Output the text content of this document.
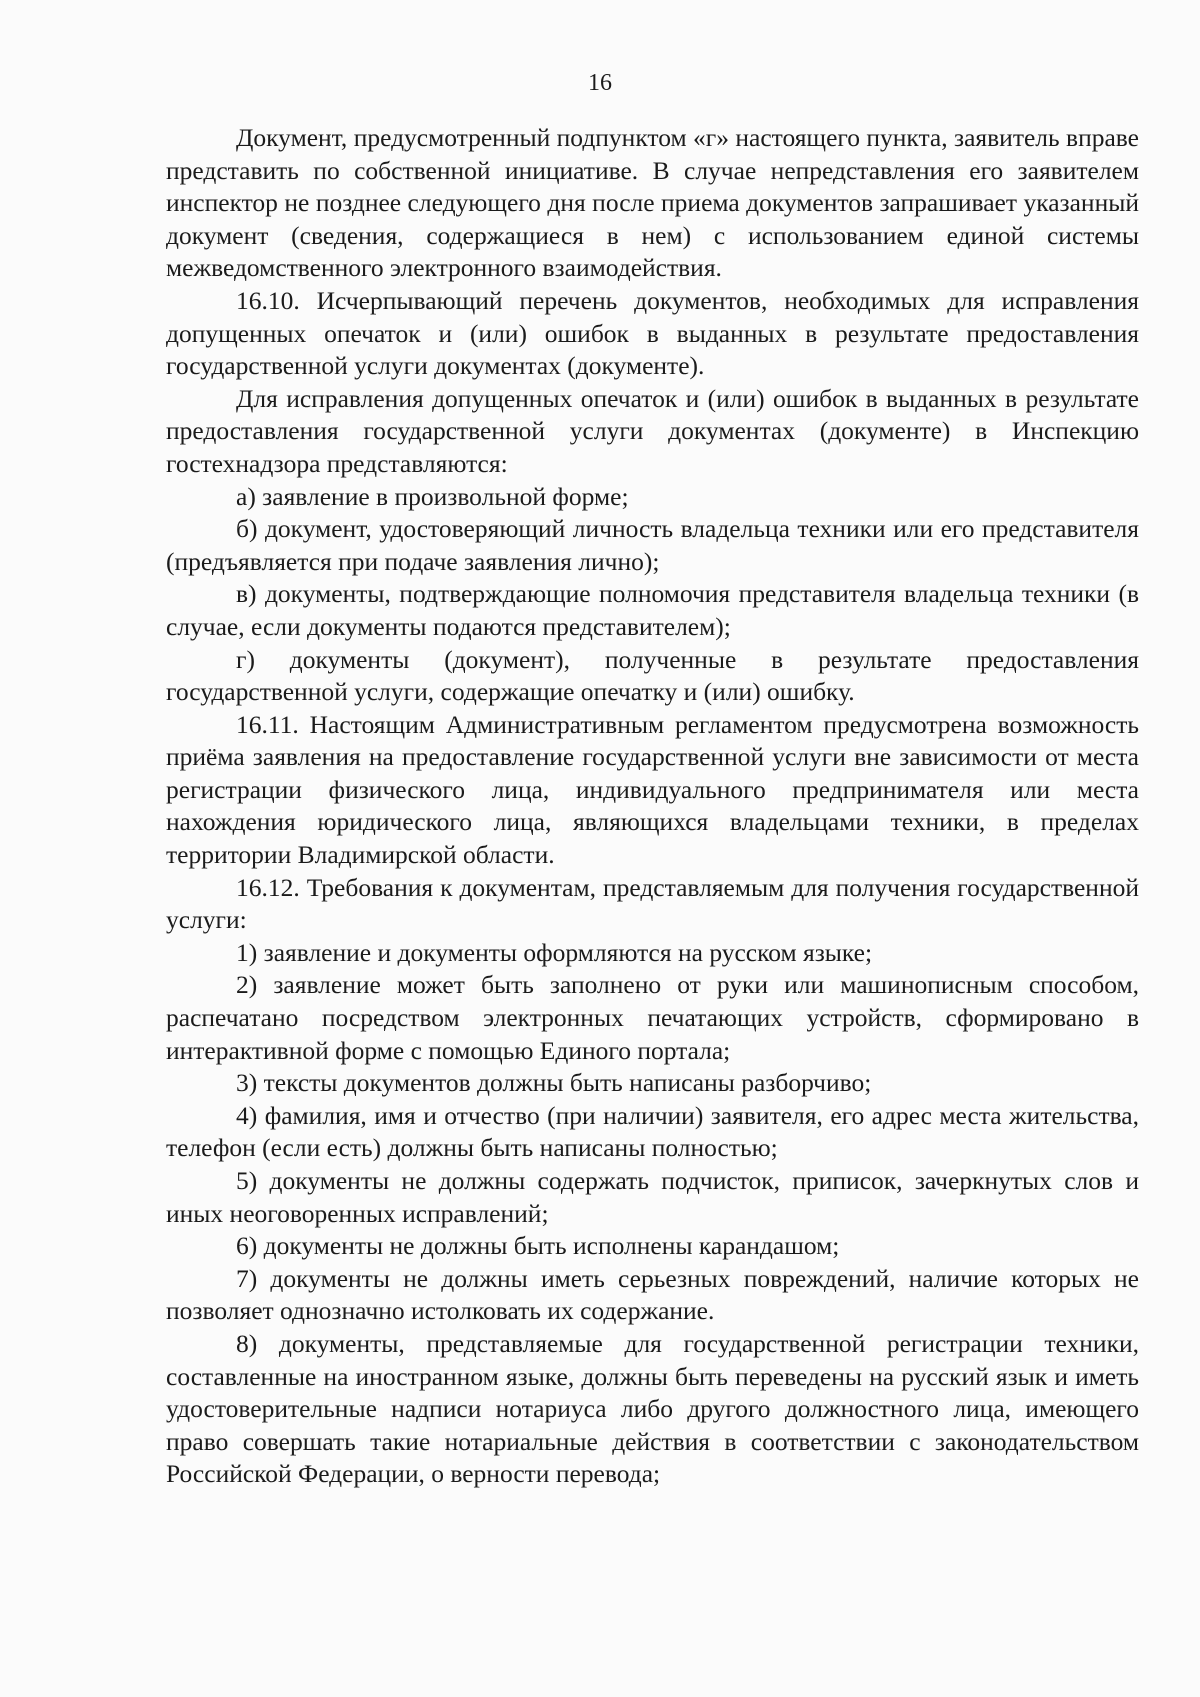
16

Документ, предусмотренный подпунктом «г» настоящего пункта, заявитель вправе представить по собственной инициативе. В случае непредставления его заявителем инспектор не позднее следующего дня после приема документов запрашивает указанный документ (сведения, содержащиеся в нем) с использованием единой системы межведомственного электронного взаимодействия.

16.10. Исчерпывающий перечень документов, необходимых для исправления допущенных опечаток и (или) ошибок в выданных в результате предоставления государственной услуги документах (документе).

Для исправления допущенных опечаток и (или) ошибок в выданных в результате предоставления государственной услуги документах (документе) в Инспекцию гостехнадзора представляются:

а) заявление в произвольной форме;

б) документ, удостоверяющий личность владельца техники или его представителя (предъявляется при подаче заявления лично);

в) документы, подтверждающие полномочия представителя владельца техники (в случае, если документы подаются представителем);

г) документы (документ), полученные в результате предоставления государственной услуги, содержащие опечатку и (или) ошибку.

16.11. Настоящим Административным регламентом предусмотрена возможность приёма заявления на предоставление государственной услуги вне зависимости от места регистрации физического лица, индивидуального предпринимателя или места нахождения юридического лица, являющихся владельцами техники, в пределах территории Владимирской области.

16.12. Требования к документам, представляемым для получения государственной услуги:

1) заявление и документы оформляются на русском языке;

2) заявление может быть заполнено от руки или машинописным способом, распечатано посредством электронных печатающих устройств, сформировано в интерактивной форме с помощью Единого портала;

3) тексты документов должны быть написаны разборчиво;

4) фамилия, имя и отчество (при наличии) заявителя, его адрес места жительства, телефон (если есть) должны быть написаны полностью;

5) документы не должны содержать подчисток, приписок, зачеркнутых слов и иных неоговоренных исправлений;

6) документы не должны быть исполнены карандашом;

7) документы не должны иметь серьезных повреждений, наличие которых не позволяет однозначно истолковать их содержание.

8) документы, представляемые для государственной регистрации техники, составленные на иностранном языке, должны быть переведены на русский язык и иметь удостоверительные надписи нотариуса либо другого должностного лица, имеющего право совершать такие нотариальные действия в соответствии с законодательством Российской Федерации, о верности перевода;
